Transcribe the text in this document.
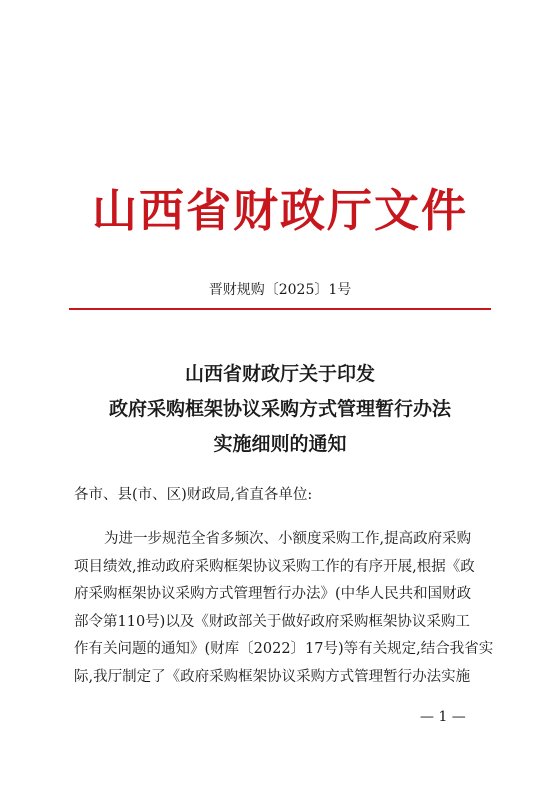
山西省财政厅文件
晋财规购〔2025〕1号
山西省财政厅关于印发
政府采购框架协议采购方式管理暂行办法
实施细则的通知
各市、县(市、区)财政局,省直各单位:
为进一步规范全省多频次、小额度采购工作,提高政府采购
项目绩效,推动政府采购框架协议采购工作的有序开展,根据《政
府采购框架协议采购方式管理暂行办法》(中华人民共和国财政
部令第110号)以及《财政部关于做好政府采购框架协议采购工
作有关问题的通知》(财库〔2022〕17号)等有关规定,结合我省实
际,我厅制定了《政府采购框架协议采购方式管理暂行办法实施
— 1 —
